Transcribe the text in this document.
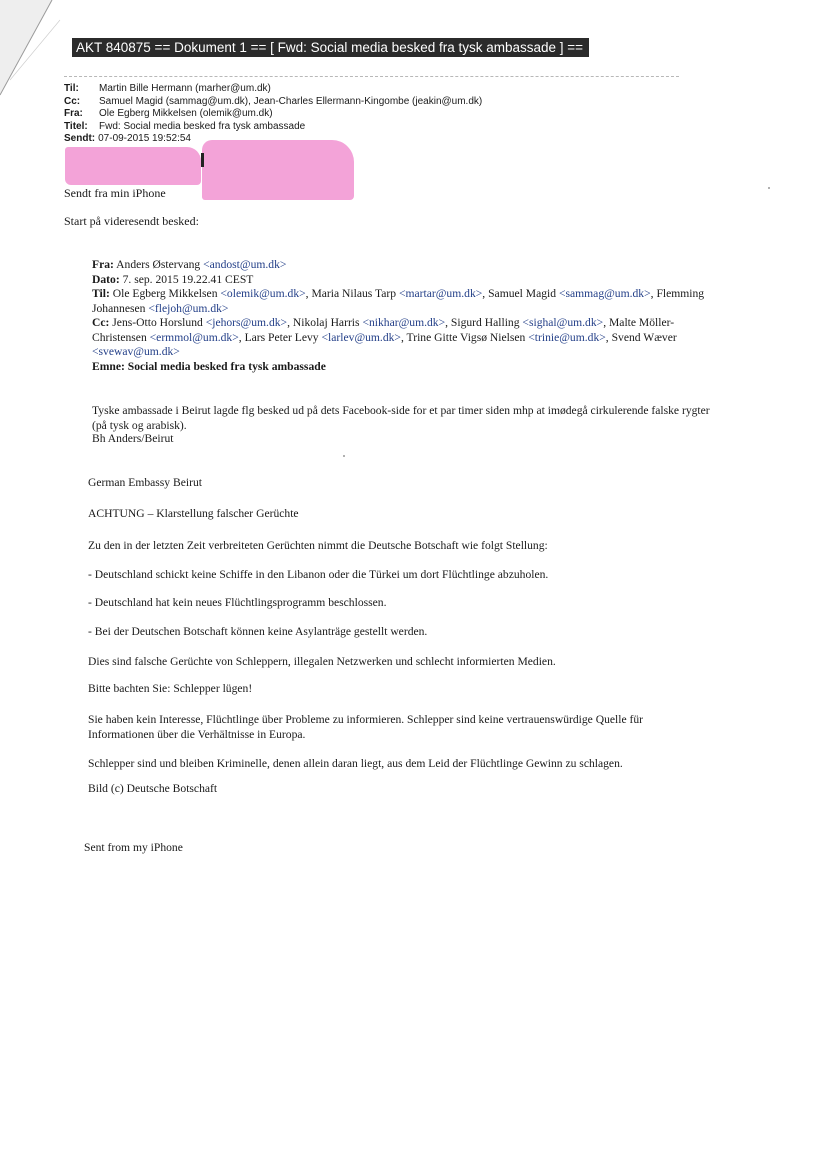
AKT 840875 == Dokument 1 == [ Fwd: Social media besked fra tysk ambassade ] ==
Til:	Martin Bille Hermann (marher@um.dk)
Cc:	Samuel Magid (sammag@um.dk), Jean-Charles Ellermann-Kingombe (jeakin@um.dk)
Fra:	Ole Egberg Mikkelsen (olemik@um.dk)
Titel:	Fwd: Social media besked fra tysk ambassade
Sendt: 07-09-2015 19:52:54
Sendt fra min iPhone
Start på videresendt besked:
Fra: Anders Østervang <andost@um.dk>
Dato: 7. sep. 2015 19.22.41 CEST
Til: Ole Egberg Mikkelsen <olemik@um.dk>, Maria Nilaus Tarp <martar@um.dk>, Samuel Magid <sammag@um.dk>, Flemming Johannesen <flejoh@um.dk>
Cc: Jens-Otto Horslund <jehors@um.dk>, Nikolaj Harris <nikhar@um.dk>, Sigurd Halling <sighal@um.dk>, Malte Möller-Christensen <ermmol@um.dk>, Lars Peter Levy <larlev@um.dk>, Trine Gitte Vigsø Nielsen <trinie@um.dk>, Svend Wæver <svewav@um.dk>
Emne: Social media besked fra tysk ambassade
Tyske ambassade i Beirut lagde flg besked ud på dets Facebook-side for et par timer siden mhp at imødegå cirkulerende falske rygter (på tysk og arabisk).
Bh Anders/Beirut
German Embassy Beirut
ACHTUNG – Klarstellung falscher Gerüchte
Zu den in der letzten Zeit verbreiteten Gerüchten nimmt die Deutsche Botschaft wie folgt Stellung:
- Deutschland schickt keine Schiffe in den Libanon oder die Türkei um dort Flüchtlinge abzuholen.
- Deutschland hat kein neues Flüchtlingsprogramm beschlossen.
- Bei der Deutschen Botschaft können keine Asylanträge gestellt werden.
Dies sind falsche Gerüchte von Schleppern, illegalen Netzwerken und schlecht informierten Medien.
Bitte bachten Sie: Schlepper lügen!
Sie haben kein Interesse, Flüchtlinge über Probleme zu informieren. Schlepper sind keine vertrauenswürdige Quelle für Informationen über die Verhältnisse in Europa.
Schlepper sind und bleiben Kriminelle, denen allein daran liegt, aus dem Leid der Flüchtlinge Gewinn zu schlagen.
Bild (c) Deutsche Botschaft
Sent from my iPhone
